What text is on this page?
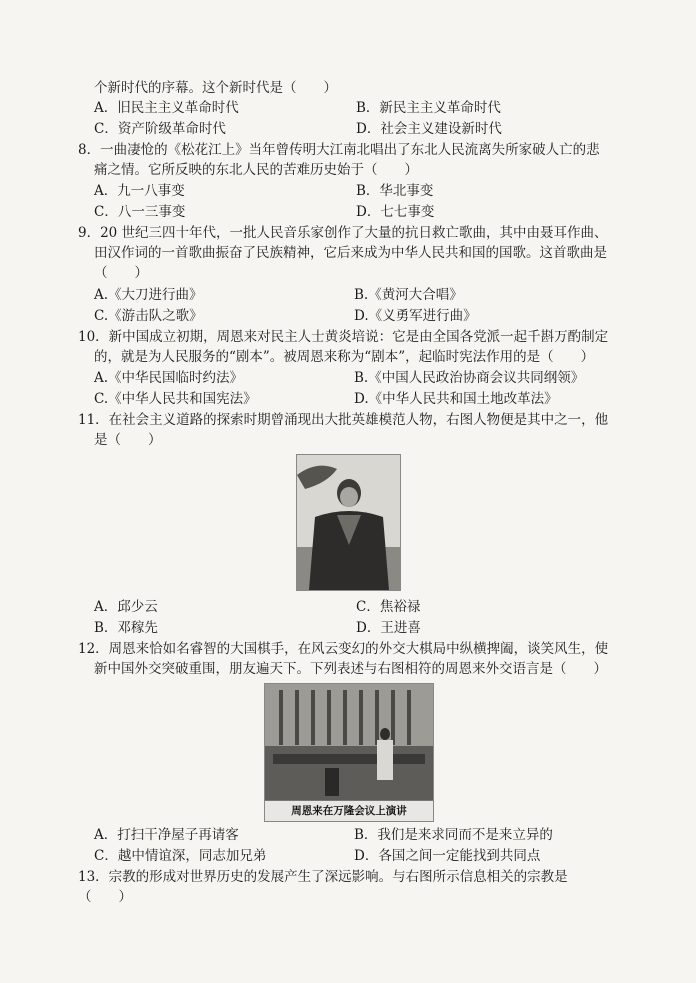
个新时代的序幕。这个新时代是（　　）
A．旧民主主义革命时代	B．新民主主义革命时代
C．资产阶级革命时代	D．社会主义建设新时代
8．一曲凄怆的《松花江上》当年曾传明大江南北唱出了东北人民流离失所家破人亡的悲
痛之情。它所反映的东北人民的苦难历史始于（　　）
A．九一八事变	B．华北事变
C．八一三事变	D．七七事变
9．20 世纪三四十年代，一批人民音乐家创作了大量的抗日救亡歌曲，其中由聂耳作曲、
田汉作词的一首歌曲振奋了民族精神，它后来成为中华人民共和国的国歌。这首歌曲是
（　　）
A.《大刀进行曲》	B.《黄河大合唱》
C.《游击队之歌》	D.《义勇军进行曲》
10．新中国成立初期，周恩来对民主人士黄炎培说：它是由全国各党派一起千斟万酌制定
的，就是为人民服务的“剧本”。被周恩来称为“剧本”，起临时宪法作用的是（　　）
A.《中华民国临时约法》	B.《中国人民政治协商会议共同纲领》
C.《中华人民共和国宪法》	D.《中华人民共和国土地改革法》
11．在社会主义道路的探索时期曾涌现出大批英雄模范人物，右图人物便是其中之一，他
是（　　）
A．邱少云	C．焦裕禄
B．邓稼先	D．王进喜
12．周恩来恰如名睿智的大国棋手，在风云变幻的外交大棋局中纵横捭阖，谈笑风生，使
新中国外交突破重围，朋友遍天下。下列表述与右图相符的周恩来外交语言是（　　）
周恩来在万隆会议上演讲
A．打扫干净屋子再请客	B．我们是来求同而不是来立异的
C．越中情谊深，同志加兄弟	D．各国之间一定能找到共同点
13．宗教的形成对世界历史的发展产生了深远影响。与右图所示信息相关的宗教是
（　　）
